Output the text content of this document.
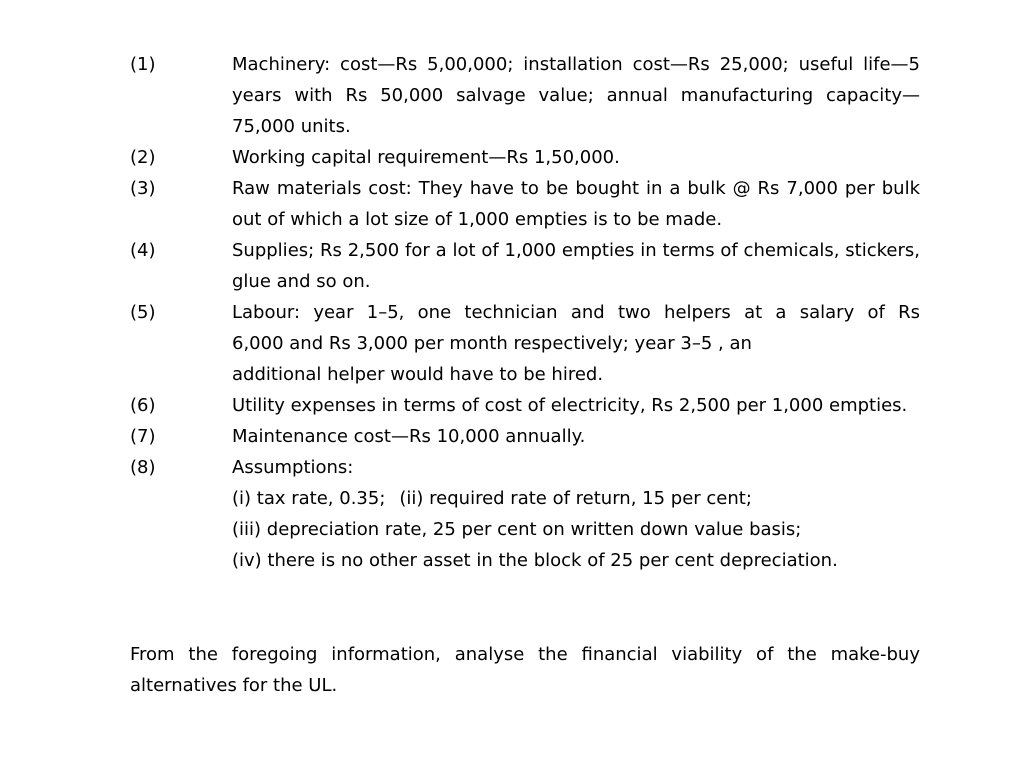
(1)	Machinery: cost—Rs 5,00,000; installation cost—Rs 25,000; useful life—5 years with Rs 50,000 salvage value; annual manufacturing capacity—75,000 units.
(2)	Working capital requirement—Rs 1,50,000.
(3)	Raw materials cost: They have to be bought in a bulk @ Rs 7,000 per bulk out of which a lot size of 1,000 empties is to be made.
(4)	Supplies; Rs 2,500 for a lot of 1,000 empties in terms of chemicals, stickers, glue and so on.
(5)	Labour: year 1–5, one technician and two helpers at a salary of Rs
6,000 and Rs 3,000 per month respectively; year 3–5 , an
additional helper would have to be hired.
(6)	Utility expenses in terms of cost of electricity, Rs 2,500 per 1,000 empties.
(7)	Maintenance cost—Rs 10,000 annually.
(8)	Assumptions:
(i) tax rate, 0.35; (ii) required rate of return, 15 per cent;
(iii) depreciation rate, 25 per cent on written down value basis;
(iv) there is no other asset in the block of 25 per cent depreciation.
From the foregoing information, analyse the financial viability of the make-buy alternatives for the UL.
